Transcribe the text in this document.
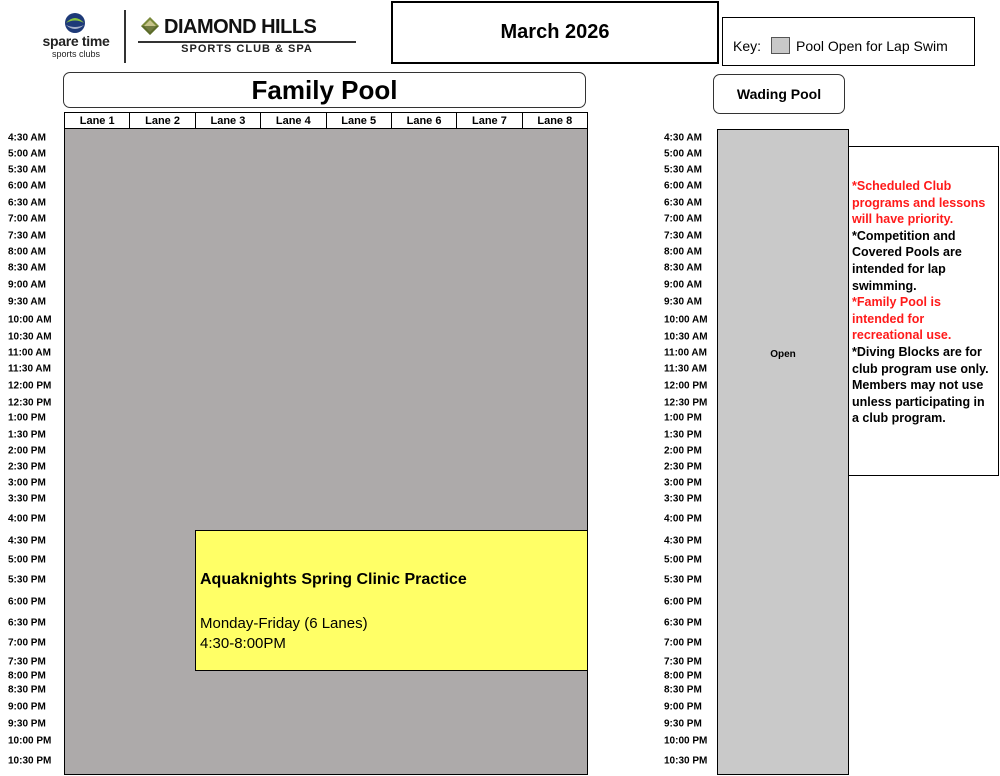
spare time
sports clubs
DIAMOND HILLS
SPORTS CLUB & SPA
March 2026
Key: Pool Open for Lap Swim
Family Pool	Wading Pool
Lane 1	Lane 2	Lane 3	Lane 4	Lane 5	Lane 6	Lane 7	Lane 8
Aquaknights Spring Clinic Practice
Monday-Friday (6 Lanes)
4:30-8:00PM
Open
*Scheduled Club programs and lessons will have priority.
*Competition and Covered Pools are intended for lap swimming.
*Family Pool is intended for recreational use.
*Diving Blocks are for club program use only. Members may not use unless participating in a club program.
4:30 AM
5:00 AM
5:30 AM
6:00 AM
6:30 AM
7:00 AM
7:30 AM
8:00 AM
8:30 AM
9:00 AM
9:30 AM
10:00 AM
10:30 AM
11:00 AM
11:30 AM
12:00 PM
12:30 PM
1:00 PM
1:30 PM
2:00 PM
2:30 PM
3:00 PM
3:30 PM
4:00 PM
4:30 PM
5:00 PM
5:30 PM
6:00 PM
6:30 PM
7:00 PM
7:30 PM
8:00 PM
8:30 PM
9:00 PM
9:30 PM
10:00 PM
10:30 PM
4:30 AM
5:00 AM
5:30 AM
6:00 AM
6:30 AM
7:00 AM
7:30 AM
8:00 AM
8:30 AM
9:00 AM
9:30 AM
10:00 AM
10:30 AM
11:00 AM
11:30 AM
12:00 PM
12:30 PM
1:00 PM
1:30 PM
2:00 PM
2:30 PM
3:00 PM
3:30 PM
4:00 PM
4:30 PM
5:00 PM
5:30 PM
6:00 PM
6:30 PM
7:00 PM
7:30 PM
8:00 PM
8:30 PM
9:00 PM
9:30 PM
10:00 PM
10:30 PM
